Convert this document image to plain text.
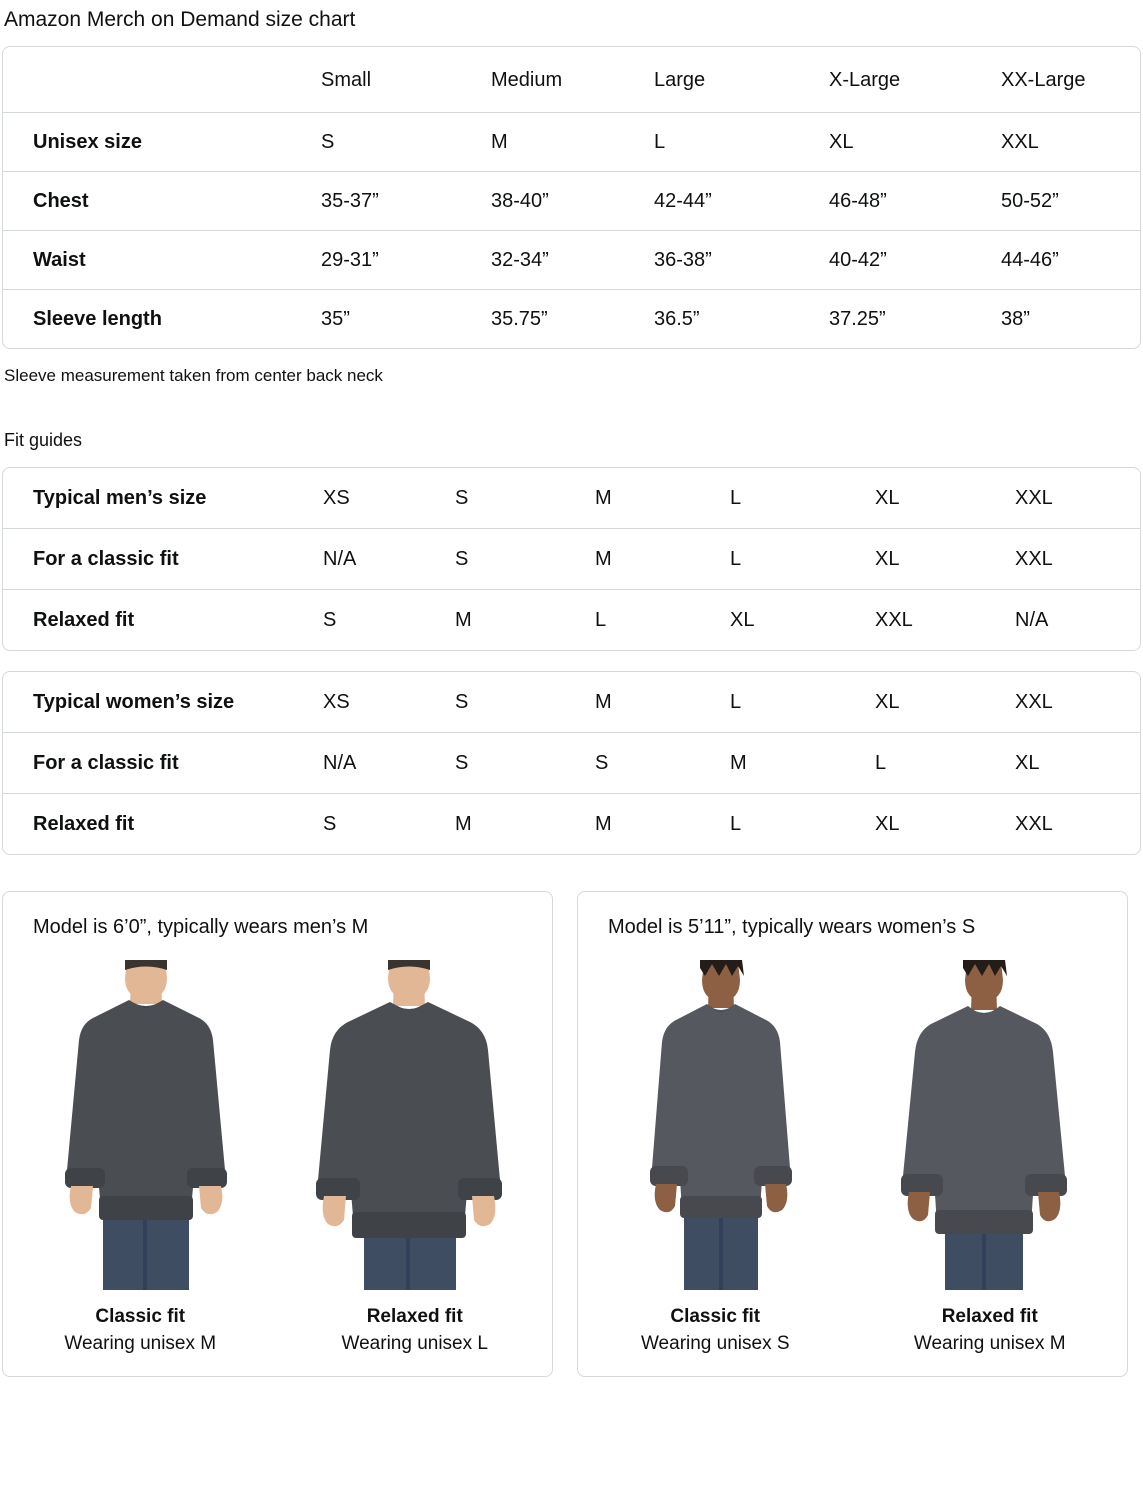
Amazon Merch on Demand size chart
	Small	Medium	Large	X-Large	XX-Large
Unisex size	S	M	L	XL	XXL
Chest	35-37”	38-40”	42-44”	46-48”	50-52”
Waist	29-31”	32-34”	36-38”	40-42”	44-46”
Sleeve length	35”	35.75”	36.5”	37.25”	38”
Sleeve measurement taken from center back neck
Fit guides
Typical men’s size	XS	S	M	L	XL	XXL
For a classic fit	N/A	S	M	L	XL	XXL
Relaxed fit	S	M	L	XL	XXL	N/A
Typical women’s size	XS	S	M	L	XL	XXL
For a classic fit	N/A	S	S	M	L	XL
Relaxed fit	S	M	M	L	XL	XXL
Model is 6’0”, typically wears men’s M
Classic fit
Wearing unisex M
Relaxed fit
Wearing unisex L
Model is 5’11”, typically wears women’s S
Classic fit
Wearing unisex S
Relaxed fit
Wearing unisex M
